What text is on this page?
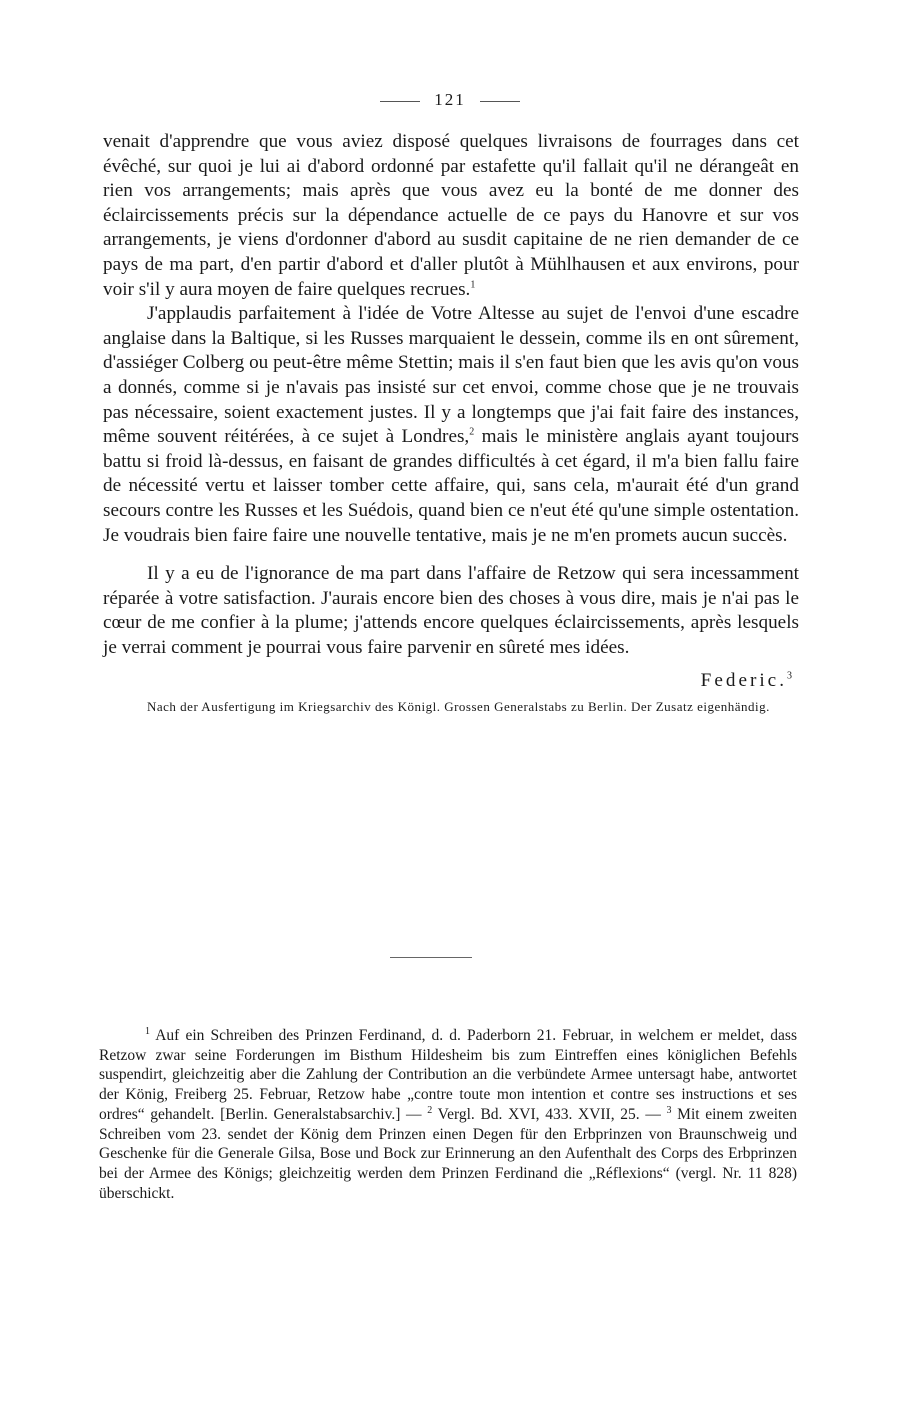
121

venait d'apprendre que vous aviez disposé quelques livraisons de fourrages dans cet évêché, sur quoi je lui ai d'abord ordonné par estafette qu'il fallait qu'il ne dérangeât en rien vos arrangements; mais après que vous avez eu la bonté de me donner des éclaircissements précis sur la dépendance actuelle de ce pays du Hanovre et sur vos arrangements, je viens d'ordonner d'abord au susdit capitaine de ne rien demander de ce pays de ma part, d'en partir d'abord et d'aller plutôt à Mühlhausen et aux environs, pour voir s'il y aura moyen de faire quelques recrues.$^1$

J'applaudis parfaitement à l'idée de Votre Altesse au sujet de l'envoi d'une escadre anglaise dans la Baltique, si les Russes marquaient le dessein, comme ils en ont sûrement, d'assiéger Colberg ou peut-être même Stettin; mais il s'en faut bien que les avis qu'on vous a donnés, comme si je n'avais pas insisté sur cet envoi, comme chose que je ne trouvais pas nécessaire, soient exactement justes. Il y a longtemps que j'ai fait faire des instances, même souvent réitérées, à ce sujet à Londres,$^2$ mais le ministère anglais ayant toujours battu si froid là-dessus, en faisant de grandes difficultés à cet égard, il m'a bien fallu faire de nécessité vertu et laisser tomber cette affaire, qui, sans cela, m'aurait été d'un grand secours contre les Russes et les Suédois, quand bien ce n'eut été qu'une simple ostentation. Je voudrais bien faire faire une nouvelle tentative, mais je ne m'en promets aucun succès.

Il y a eu de l'ignorance de ma part dans l'affaire de Retzow qui sera incessamment réparée à votre satisfaction. J'aurais encore bien des choses à vous dire, mais je n'ai pas le cœur de me confier à la plume; j'attends encore quelques éclaircissements, après lesquels je verrai comment je pourrai vous faire parvenir en sûreté mes idées.

Federic.$^3$
Nach der Ausfertigung im Kriegsarchiv des Königl. Grossen Generalstabs zu Berlin. Der Zusatz eigenhändig.

$^1$ Auf ein Schreiben des Prinzen Ferdinand, d. d. Paderborn 21. Februar, in welchem er meldet, dass Retzow zwar seine Forderungen im Bisthum Hildesheim bis zum Eintreffen eines königlichen Befehls suspendirt, gleichzeitig aber die Zahlung der Contribution an die verbündete Armee untersagt habe, antwortet der König, Freiberg 25. Februar, Retzow habe „contre toute mon intention et contre ses instructions et ses ordres“ gehandelt. [Berlin. Generalstabsarchiv.] — $^2$ Vergl. Bd. XVI, 433. XVII, 25. — $^3$ Mit einem zweiten Schreiben vom 23. sendet der König dem Prinzen einen Degen für den Erbprinzen von Braunschweig und Geschenke für die Generale Gilsa, Bose und Bock zur Erinnerung an den Aufenthalt des Corps des Erbprinzen bei der Armee des Königs; gleichzeitig werden dem Prinzen Ferdinand die „Réflexions“ (vergl. Nr. 11 828) überschickt.
